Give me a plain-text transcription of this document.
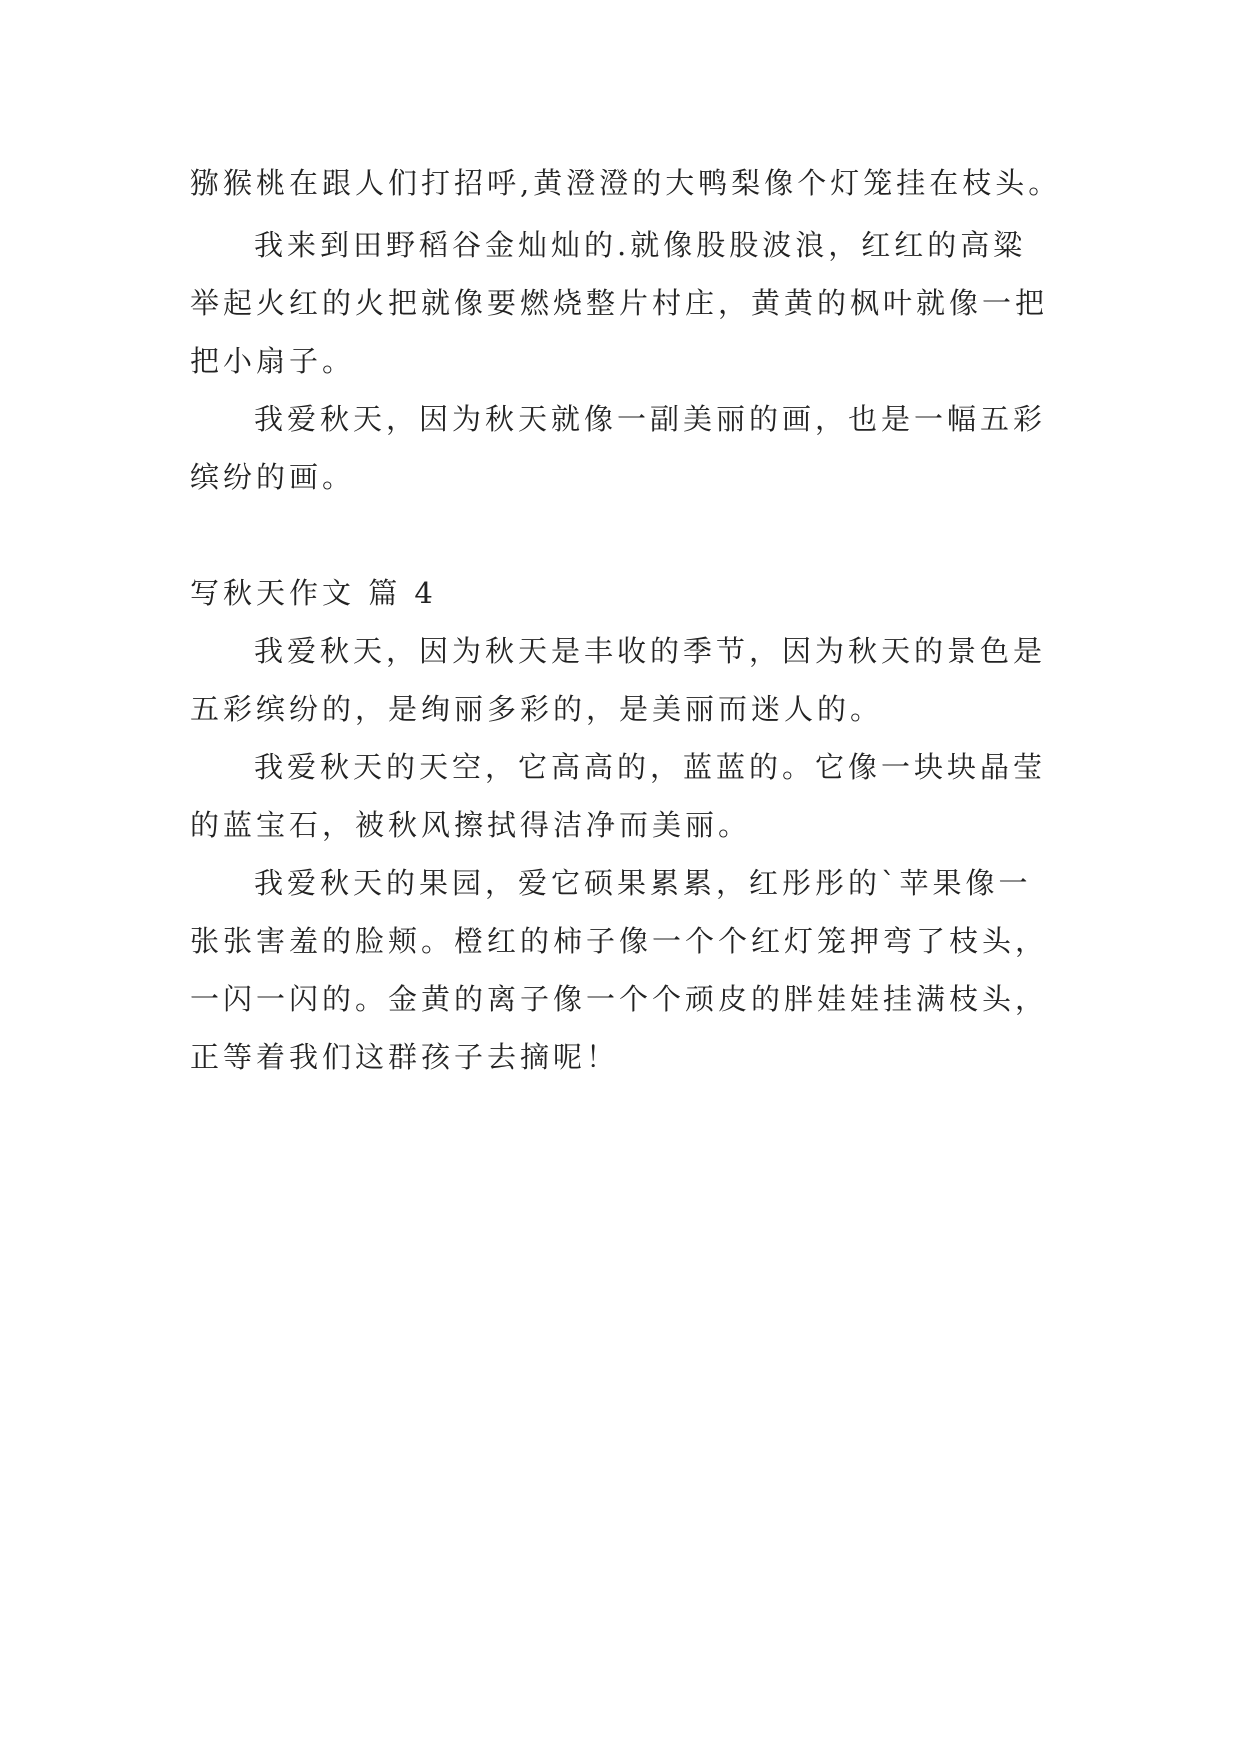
猕猴桃在跟人们打招呼,黄澄澄的大鸭梨像个灯笼挂在枝头。
我来到田野稻谷金灿灿的.就像股股波浪，红红的高粱
举起火红的火把就像要燃烧整片村庄，黄黄的枫叶就像一把
把小扇子。
我爱秋天，因为秋天就像一副美丽的画，也是一幅五彩
缤纷的画。
写秋天作文 篇 4
我爱秋天，因为秋天是丰收的季节，因为秋天的景色是
五彩缤纷的，是绚丽多彩的，是美丽而迷人的。
我爱秋天的天空，它高高的，蓝蓝的。它像一块块晶莹
的蓝宝石，被秋风擦拭得洁净而美丽。
我爱秋天的果园，爱它硕果累累，红彤彤的`苹果像一
张张害羞的脸颊。橙红的柿子像一个个红灯笼押弯了枝头，
一闪一闪的。金黄的离子像一个个顽皮的胖娃娃挂满枝头，
正等着我们这群孩子去摘呢！
